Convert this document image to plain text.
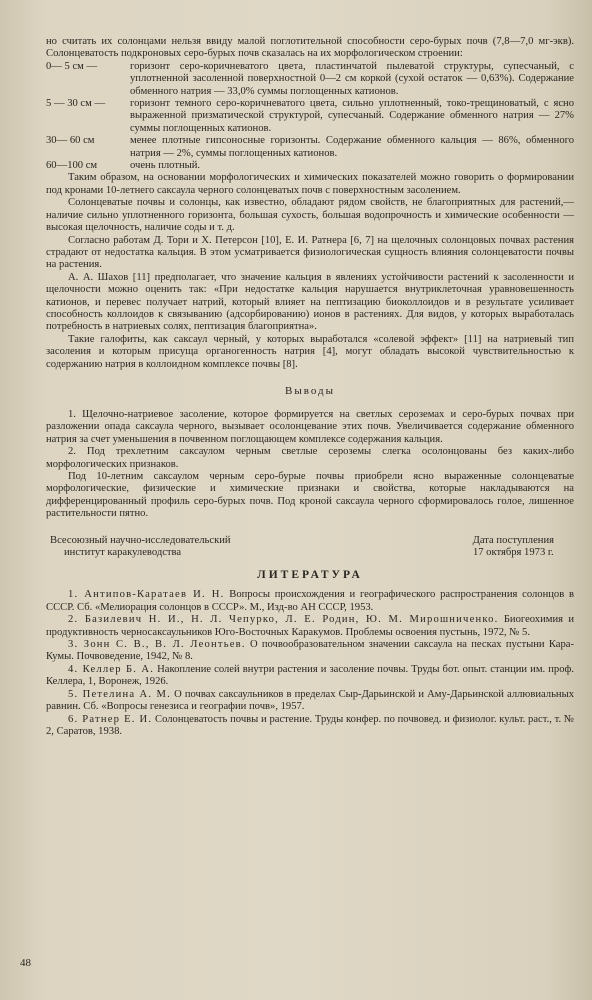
но считать их солонцами нельзя ввиду малой поглотительной способности серо-бурых почв (7,8—7,0 мг-экв). Солонцеватость подкроновых серо-бурых почв сказалась на их морфологическом строении:

0— 5 см —	горизонт серо-коричневатого цвета, пластинчатой пылеватой структуры, супесчаный, с уплотненной засоленной поверхностной 0—2 см коркой (сухой остаток — 0,63%). Содержание обменного натрия — 33,0% суммы поглощенных катионов.
5 — 30 см —	горизонт темного серо-коричневатого цвета, сильно уплотненный, токо-трещиноватый, с ясно выраженной призматической структурой, супесчаный. Содержание обменного натрия — 27% суммы поглощенных катионов.
30— 60 см	менее плотные гипсоносные горизонты. Содержание обменного кальция — 86%, обменного натрия — 2%, суммы поглощенных катионов.
60—100 см	очень плотный.

Таким образом, на основании морфологических и химических показателей можно говорить о формировании под кронами 10-летнего саксаула черного солонцеватых почв с поверхностным засолением.

Солонцеватые почвы и солонцы, как известно, обладают рядом свойств, не благоприятных для растений,— наличие сильно уплотненного горизонта, большая сухость, большая водопрочность и химические особенности — высокая щелочность, наличие соды и т. д.

Согласно работам Д. Тори и Х. Петерсон [10], Е. И. Ратнера [6, 7] на щелочных солонцовых почвах растения страдают от недостатка кальция. В этом усматривается физиологическая сущность влияния солонцеватости почвы на растения.

А. А. Шахов [11] предполагает, что значение кальция в явлениях устойчивости растений к засоленности и щелочности можно оценить так: «При недостатке кальция нарушается внутриклеточная уравновешенность катионов, и перевес получает натрий, который влияет на пептизацию биоколлоидов и в результате усиливает способность коллоидов к связыванию (адсорбированию) ионов в растениях. Для видов, у которых выработалась потребность в натриевых солях, пептизация благоприятна».

Такие галофиты, как саксаул черный, у которых выработался «солевой эффект» [11] на натриевый тип засоления и которым присуща органогенность натрия [4], могут обладать высокой чувствительностью к содержанию натрия в коллоидном комплексе почвы [8].

Выводы

1. Щелочно-натриевое засоление, которое формируется на светлых сероземах и серо-бурых почвах при разложении опада саксаула черного, вызывает осолонцевание этих почв. Увеличивается содержание обменного натрия за счет уменьшения в почвенном поглощающем комплексе содержания кальция.

2. Под трехлетним саксаулом черным светлые сероземы слегка осолонцованы без каких-либо морфологических признаков.

Под 10-летним саксаулом черным серо-бурые почвы приобрели ясно выраженные солонцеватые морфологические, физические и химические признаки и свойства, которые накладываются на дифференцированный профиль серо-бурых почв. Под кроной саксаула черного сформировалось голое, лишенное растительности пятно.

Всесоюзный научно-исследовательский
институт каракулеводства
Дата поступления
17 октября 1973 г.
ЛИТЕРАТУРА

1. Антипов-Каратаев И. Н. Вопросы происхождения и географического распространения солонцов в СССР. Сб. «Мелиорация солонцов в СССР». М., Изд-во АН СССР, 1953.

2. Базилевич Н. И., Н. Л. Чепурко, Л. Е. Родин, Ю. М. Мирошниченко. Биогеохимия и продуктивность черносаксаульников Юго-Восточных Каракумов. Проблемы освоения пустынь, 1972, № 5.

3. Зонн С. В., В. Л. Леонтьев. О почвообразовательном значении саксаула на песках пустыни Кара-Кумы. Почвоведение, 1942, № 8.

4. Келлер Б. А. Накопление солей внутри растения и засоление почвы. Труды бот. опыт. станции им. проф. Келлера, 1, Воронеж, 1926.

5. Петелина А. М. О почвах саксаульников в пределах Сыр-Дарьинской и Аму-Дарьинской аллювиальных равнин. Сб. «Вопросы генезиса и географии почв», 1957.

6. Ратнер Е. И. Солонцеватость почвы и растение. Труды конфер. по почвовед. и физиолог. культ. раст., т. № 2, Саратов, 1938.

48
